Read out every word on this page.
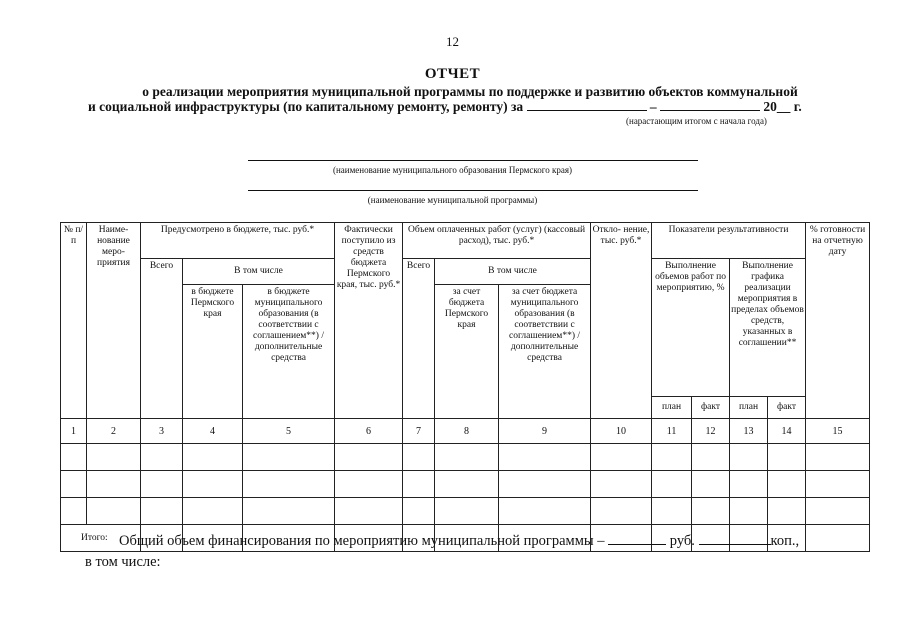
12
ОТЧЕТ
о реализации мероприятия муниципальной программы по поддержке и развитию объектов коммунальной
и социальной инфраструктуры (по капитальному ремонту, ремонту) за	–	20__ г.
(нарастающим итогом с начала года)
(наименование муниципального образования Пермского края)
(наименование муниципальной программы)
№ п/п	Наиме- нование меро- приятия	Предусмотрено в бюджете, тыс. руб.*			Фактически поступило из средств бюджета Пермского края, тыс. руб.*	Объем оплаченных работ (услуг) (кассовый расход), тыс. руб.*			Откло- нение, тыс. руб.*	Показатели результативности				% готовности на отчетную дату
		Всего	В том числе			Всего	В том числе			Выполнение объемов работ по мероприятию, %		Выполнение графика реализации мероприятия в пределах объемов средств, указанных в соглашении**		
			в бюджете Пермского края	в бюджете муниципального образования (в соответствии с соглашением**) / дополнительные средства			за счет бюджета Пермского края	за счет бюджета муниципального образования (в соответствии с соглашением**) / дополнительные средства						
										план	факт	план	факт	
1	2	3	4	5	6	7	8	9	10	11	12	13	14	15

Итого:														Общий объем финансирования по мероприятию муниципальной программы –	руб.	коп.,
в том числе:
